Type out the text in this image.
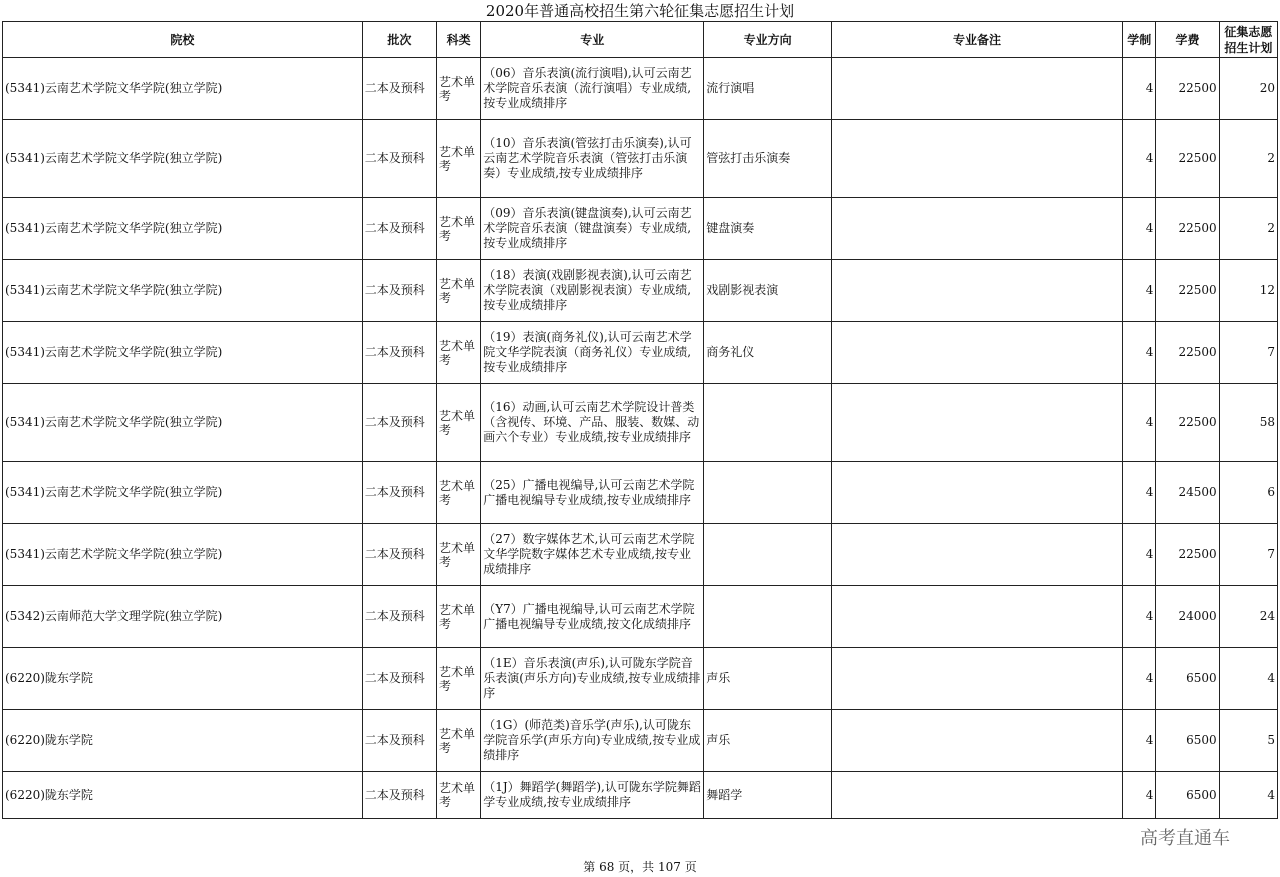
2020年普通高校招生第六轮征集志愿招生计划
院校	批次	科类	专业	专业方向	专业备注	学制	学费	征集志愿招生计划
(5341)云南艺术学院文华学院(独立学院)	二本及预科	艺术单考	（06）音乐表演(流行演唱),认可云南艺术学院音乐表演（流行演唱）专业成绩,按专业成绩排序	流行演唱		4	22500	20
(5341)云南艺术学院文华学院(独立学院)	二本及预科	艺术单考	（10）音乐表演(管弦打击乐演奏),认可云南艺术学院音乐表演（管弦打击乐演奏）专业成绩,按专业成绩排序	管弦打击乐演奏		4	22500	2
(5341)云南艺术学院文华学院(独立学院)	二本及预科	艺术单考	（09）音乐表演(键盘演奏),认可云南艺术学院音乐表演（键盘演奏）专业成绩,按专业成绩排序	键盘演奏		4	22500	2
(5341)云南艺术学院文华学院(独立学院)	二本及预科	艺术单考	（18）表演(戏剧影视表演),认可云南艺术学院表演（戏剧影视表演）专业成绩,按专业成绩排序	戏剧影视表演		4	22500	12
(5341)云南艺术学院文华学院(独立学院)	二本及预科	艺术单考	（19）表演(商务礼仪),认可云南艺术学院文华学院表演（商务礼仪）专业成绩,按专业成绩排序	商务礼仪		4	22500	7
(5341)云南艺术学院文华学院(独立学院)	二本及预科	艺术单考	（16）动画,认可云南艺术学院设计普类（含视传、环境、产品、服装、数媒、动画六个专业）专业成绩,按专业成绩排序			4	22500	58
(5341)云南艺术学院文华学院(独立学院)	二本及预科	艺术单考	（25）广播电视编导,认可云南艺术学院广播电视编导专业成绩,按专业成绩排序			4	24500	6
(5341)云南艺术学院文华学院(独立学院)	二本及预科	艺术单考	（27）数字媒体艺术,认可云南艺术学院文华学院数字媒体艺术专业成绩,按专业成绩排序			4	22500	7
(5342)云南师范大学文理学院(独立学院)	二本及预科	艺术单考	（Y7）广播电视编导,认可云南艺术学院广播电视编导专业成绩,按文化成绩排序			4	24000	24
(6220)陇东学院	二本及预科	艺术单考	（1E）音乐表演(声乐),认可陇东学院音乐表演(声乐方向)专业成绩,按专业成绩排序	声乐		4	6500	4
(6220)陇东学院	二本及预科	艺术单考	（1G）(师范类)音乐学(声乐),认可陇东学院音乐学(声乐方向)专业成绩,按专业成绩排序	声乐		4	6500	5
(6220)陇东学院	二本及预科	艺术单考	（1J）舞蹈学(舞蹈学),认可陇东学院舞蹈学专业成绩,按专业成绩排序	舞蹈学		4	6500	4
高考直通车
第 68 页，共 107 页
